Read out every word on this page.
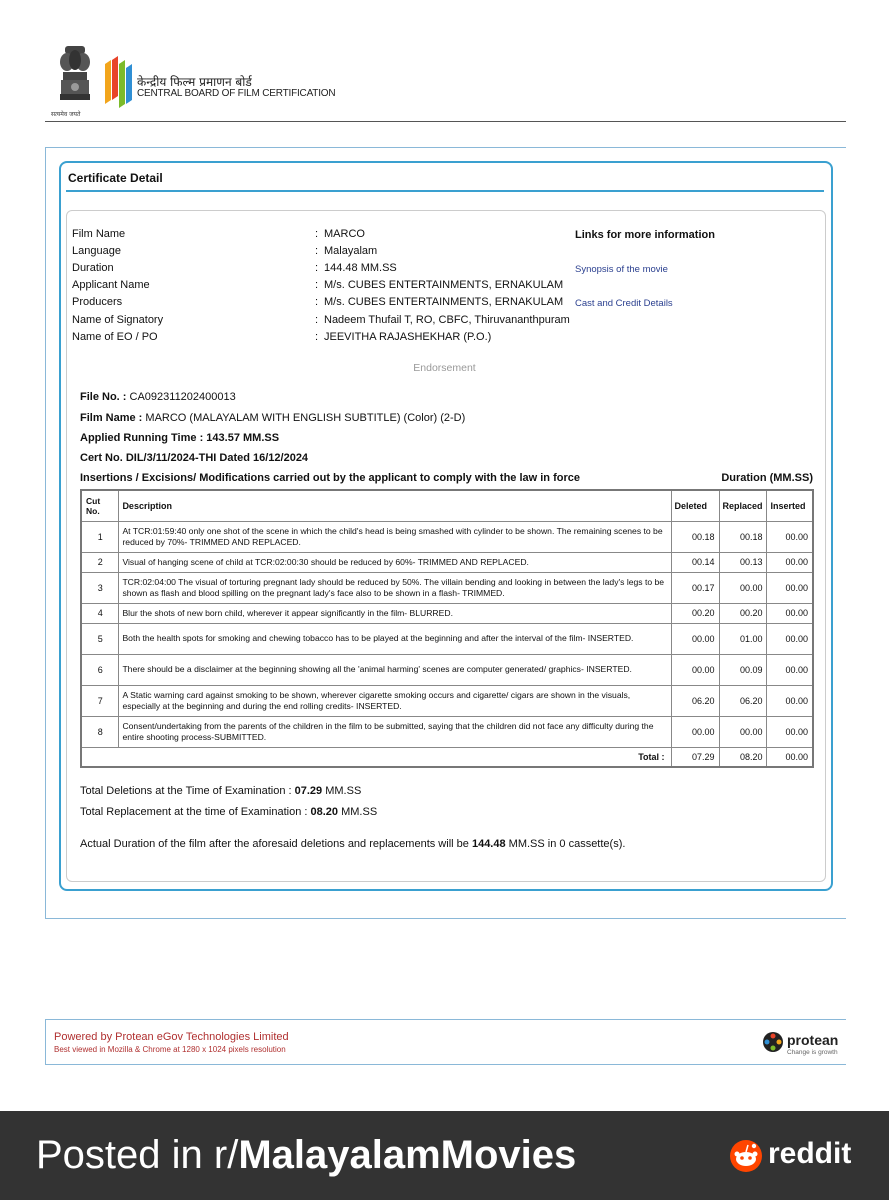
सत्यमेव जयते
केन्द्रीय फिल्म प्रमाणन बोर्ड
CENTRAL BOARD OF FILM CERTIFICATION
Certificate Detail
Film Name	: MARCO
Language	: Malayalam
Duration	: 144.48 MM.SS
Applicant Name	: M/s. CUBES ENTERTAINMENTS, ERNAKULAM
Producers	: M/s. CUBES ENTERTAINMENTS, ERNAKULAM
Name of Signatory	: Nadeem Thufail T, RO, CBFC, Thiruvananthpuram
Name of EO / PO	: JEEVITHA RAJASHEKHAR (P.O.)
Links for more information
Synopsis of the movie
Cast and Credit Details
Endorsement
File No. : CA092311202400013
Film Name : MARCO (MALAYALAM WITH ENGLISH SUBTITLE) (Color) (2-D)
Applied Running Time : 143.57 MM.SS
Cert No. DIL/3/11/2024-THI Dated 16/12/2024
Insertions / Excisions/ Modifications carried out by the applicant to comply with the law in force	Duration (MM.SS)
Cut No.	Description	Deleted	Replaced	Inserted
1	At TCR:01:59:40 only one shot of the scene in which the child's head is being smashed with cylinder to be shown. The remaining scenes to be reduced by 70%- TRIMMED AND REPLACED.	00.18	00.18	00.00
2	Visual of hanging scene of child at TCR:02:00:30 should be reduced by 60%- TRIMMED AND REPLACED.	00.14	00.13	00.00
3	TCR:02:04:00 The visual of torturing pregnant lady should be reduced by 50%. The villain bending and looking in between the lady's legs to be shown as flash and blood spilling on the pregnant lady's face also to be shown in a flash- TRIMMED.	00.17	00.00	00.00
4	Blur the shots of new born child, wherever it appear significantly in the film- BLURRED.	00.20	00.20	00.00
5	Both the health spots for smoking and chewing tobacco has to be played at the beginning and after the interval of the film- INSERTED.	00.00	01.00	00.00
6	There should be a disclaimer at the beginning showing all the 'animal harming' scenes are computer generated/ graphics- INSERTED.	00.00	00.09	00.00
7	A Static warning card against smoking to be shown, wherever cigarette smoking occurs and cigarette/ cigars are shown in the visuals, especially at the beginning and during the end rolling credits- INSERTED.	06.20	06.20	00.00
8	Consent/undertaking from the parents of the children in the film to be submitted, saying that the children did not face any difficulty during the entire shooting process-SUBMITTED.	00.00	00.00	00.00
Total :		07.29	08.20	00.00
Total Deletions at the Time of Examination : 07.29 MM.SS
Total Replacement at the time of Examination : 08.20 MM.SS
Actual Duration of the film after the aforesaid deletions and replacements will be 144.48 MM.SS in 0 cassette(s).
Powered by Protean eGov Technologies Limited
Best viewed in Mozilla & Chrome at 1280 x 1024 pixels resolution
protean
Change is growth
Posted in r/MalayalamMovies	reddit
